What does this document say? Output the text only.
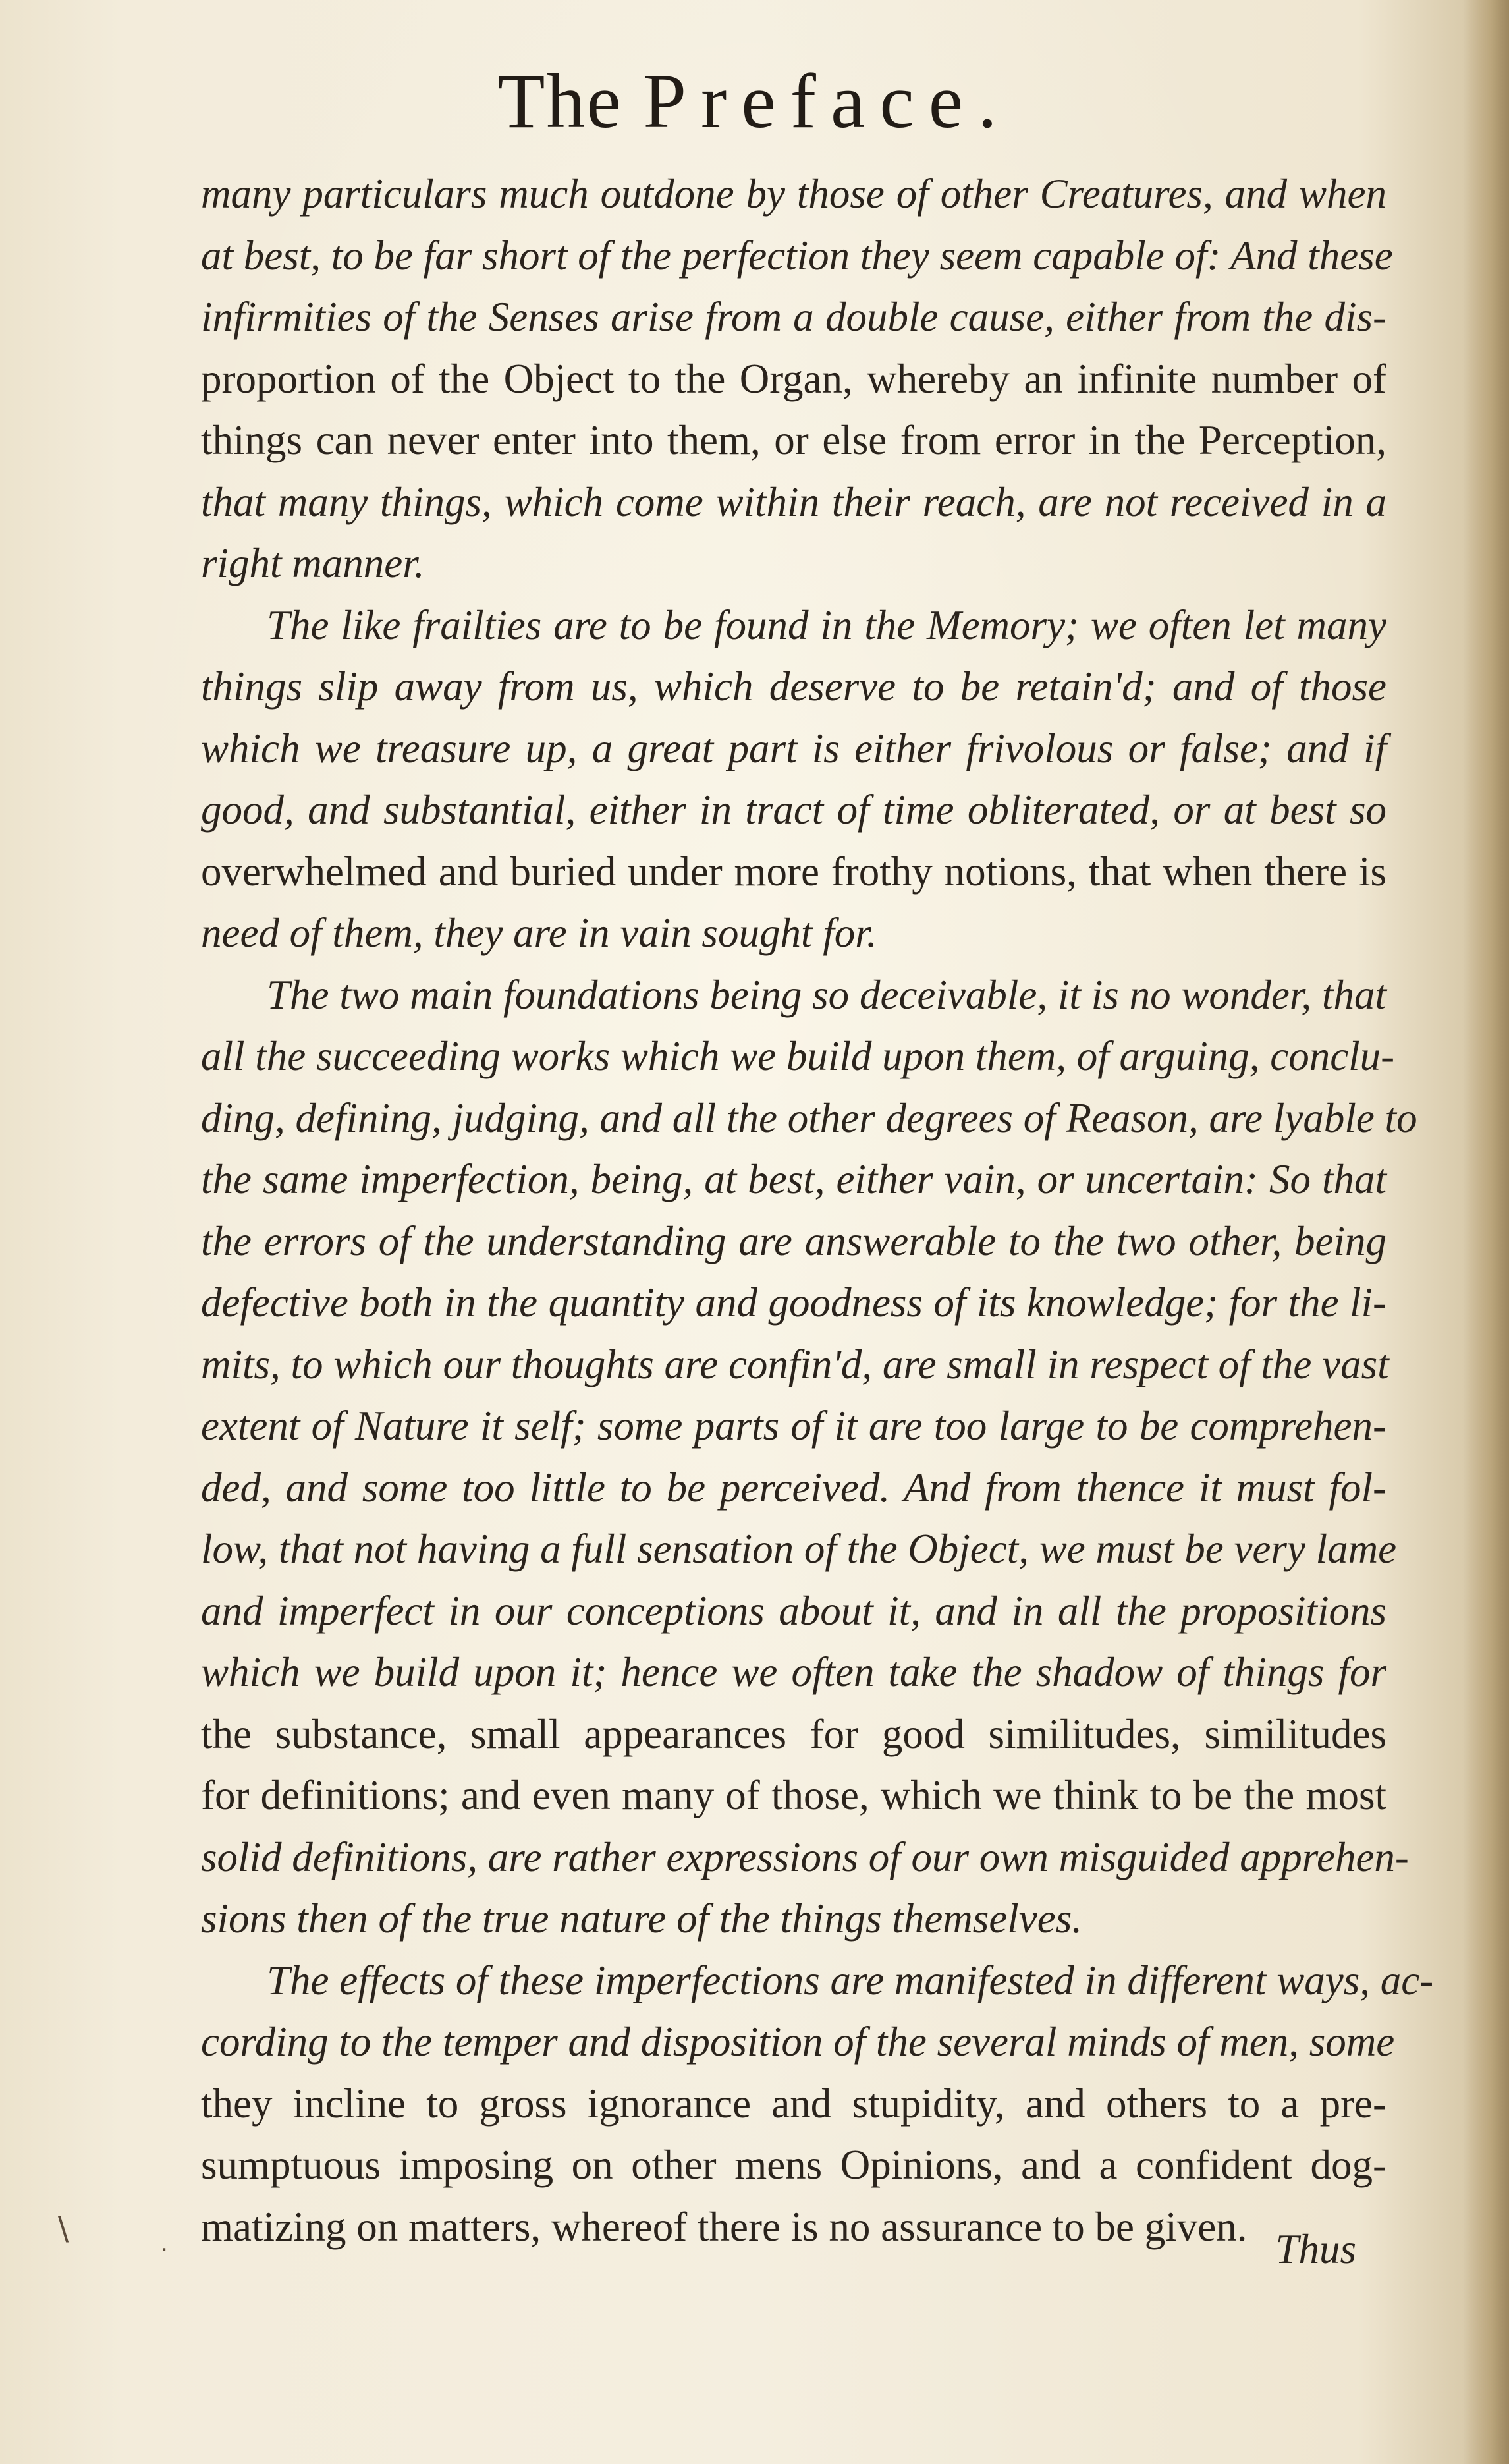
The Preface.
many particulars much outdone by those of other Creatures, and when
at best, to be far short of the perfection they seem capable of: And these
infirmities of the Senses arise from a double cause, either from the dis-
proportion of the Object to the Organ, whereby an infinite number of
things can never enter into them, or else from error in the Perception,
that many things, which come within their reach, are not received in a
right manner.
The like frailties are to be found in the Memory; we often let many
things slip away from us, which deserve to be retain'd; and of those
which we treasure up, a great part is either frivolous or false; and if
good, and substantial, either in tract of time obliterated, or at best so
overwhelmed and buried under more frothy notions, that when there is
need of them, they are in vain sought for.
The two main foundations being so deceivable, it is no wonder, that
all the succeeding works which we build upon them, of arguing, conclu-
ding, defining, judging, and all the other degrees of Reason, are lyable to
the same imperfection, being, at best, either vain, or uncertain: So that
the errors of the understanding are answerable to the two other, being
defective both in the quantity and goodness of its knowledge; for the li-
mits, to which our thoughts are confin'd, are small in respect of the vast
extent of Nature it self; some parts of it are too large to be comprehen-
ded, and some too little to be perceived. And from thence it must fol-
low, that not having a full sensation of the Object, we must be very lame
and imperfect in our conceptions about it, and in all the propositions
which we build upon it; hence we often take the shadow of things for
the substance, small appearances for good similitudes, similitudes
for definitions; and even many of those, which we think to be the most
solid definitions, are rather expressions of our own misguided apprehen-
sions then of the true nature of the things themselves.
The effects of these imperfections are manifested in different ways, ac-
cording to the temper and disposition of the several minds of men, some
they incline to gross ignorance and stupidity, and others to a pre-
sumptuous imposing on other mens Opinions, and a confident dog-
matizing on matters, whereof there is no assurance to be given. Thus
\
·
